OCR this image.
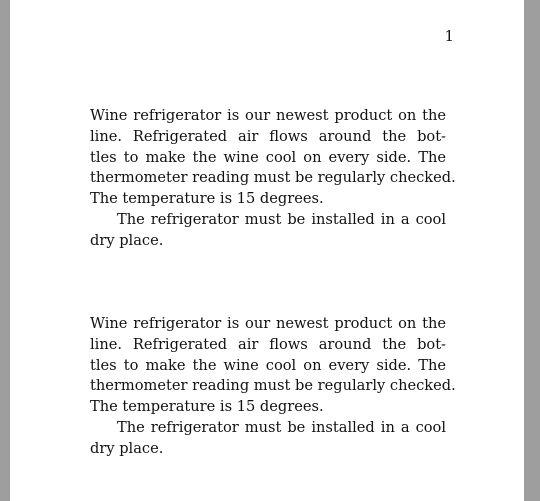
1
Wine refrigerator is our newest product on the
line. Refrigerated air flows around the bot-
tles to make the wine cool on every side. The
thermometer reading must be regularly checked.
The temperature is 15 degrees.
The refrigerator must be installed in a cool
dry place.
Wine refrigerator is our newest product on the
line. Refrigerated air flows around the bot-
tles to make the wine cool on every side. The
thermometer reading must be regularly checked.
The temperature is 15 degrees.
The refrigerator must be installed in a cool
dry place.
